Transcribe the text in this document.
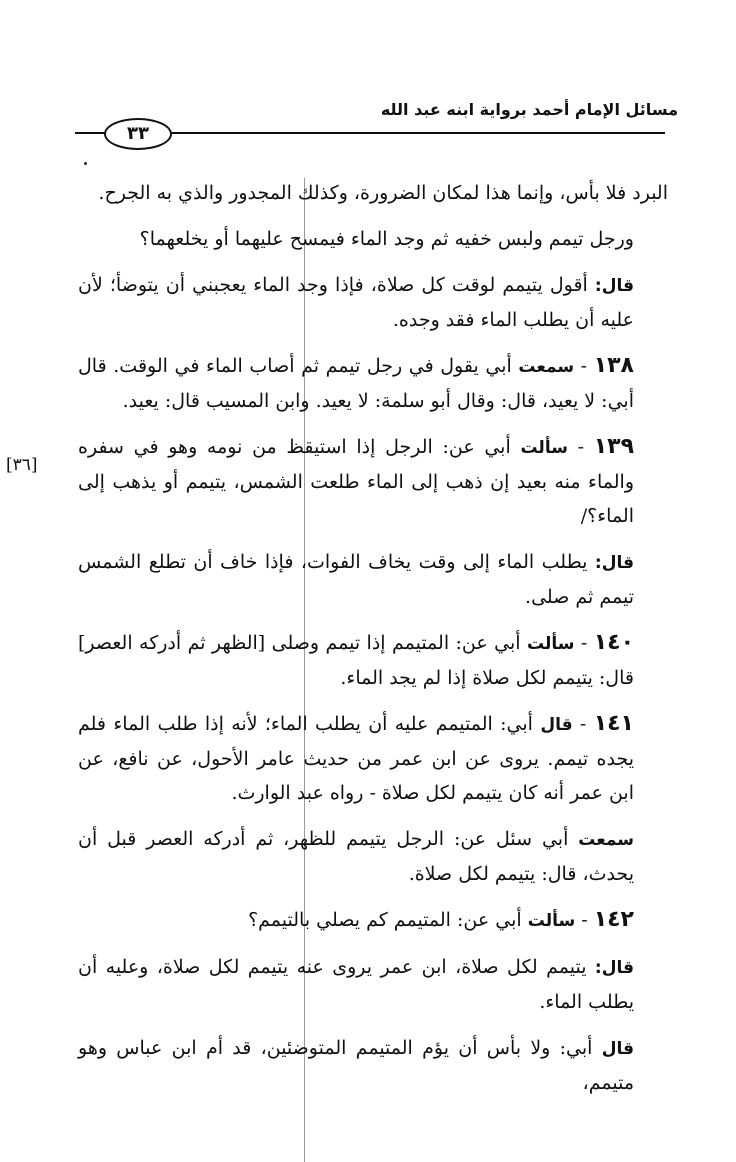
مسائل الإمام أحمد برواية ابنه عبد الله
٣٣
[٣٦]

البرد فلا بأس، وإنما هذا لمكان الضرورة، وكذلك المجدور والذي به الجرح.

ورجل تيمم ولبس خفيه ثم وجد الماء فيمسح عليهما أو يخلعهما؟

قال: أقول يتيمم لوقت كل صلاة، فإذا وجد الماء يعجبني أن يتوضأ؛ لأن عليه أن يطلب الماء فقد وجده.

١٣٨ - سمعت أبي يقول في رجل تيمم ثم أصاب الماء في الوقت. قال أبي: لا يعيد، قال: وقال أبو سلمة: لا يعيد. وابن المسيب قال: يعيد.

١٣٩ - سألت أبي عن: الرجل إذا استيقظ من نومه وهو في سفره والماء منه بعيد إن ذهب إلى الماء طلعت الشمس، يتيمم أو يذهب إلى الماء؟/

قال: يطلب الماء إلى وقت يخاف الفوات، فإذا خاف أن تطلع الشمس تيمم ثم صلى.

١٤٠ - سألت أبي عن: المتيمم إذا تيمم وصلى [الظهر ثم أدركه العصر] قال: يتيمم لكل صلاة إذا لم يجد الماء.

١٤١ - قال أبي: المتيمم عليه أن يطلب الماء؛ لأنه إذا طلب الماء فلم يجده تيمم. يروى عن ابن عمر من حديث عامر الأحول، عن نافع، عن ابن عمر أنه كان يتيمم لكل صلاة - رواه عبد الوارث.

سمعت أبي سئل عن: الرجل يتيمم للظهر، ثم أدركه العصر قبل أن يحدث، قال: يتيمم لكل صلاة.

١٤٢ - سألت أبي عن: المتيمم كم يصلي بالتيمم؟

قال: يتيمم لكل صلاة، ابن عمر يروى عنه يتيمم لكل صلاة، وعليه أن يطلب الماء.

قال أبي: ولا بأس أن يؤم المتيمم المتوضئين، قد أم ابن عباس وهو متيمم،
